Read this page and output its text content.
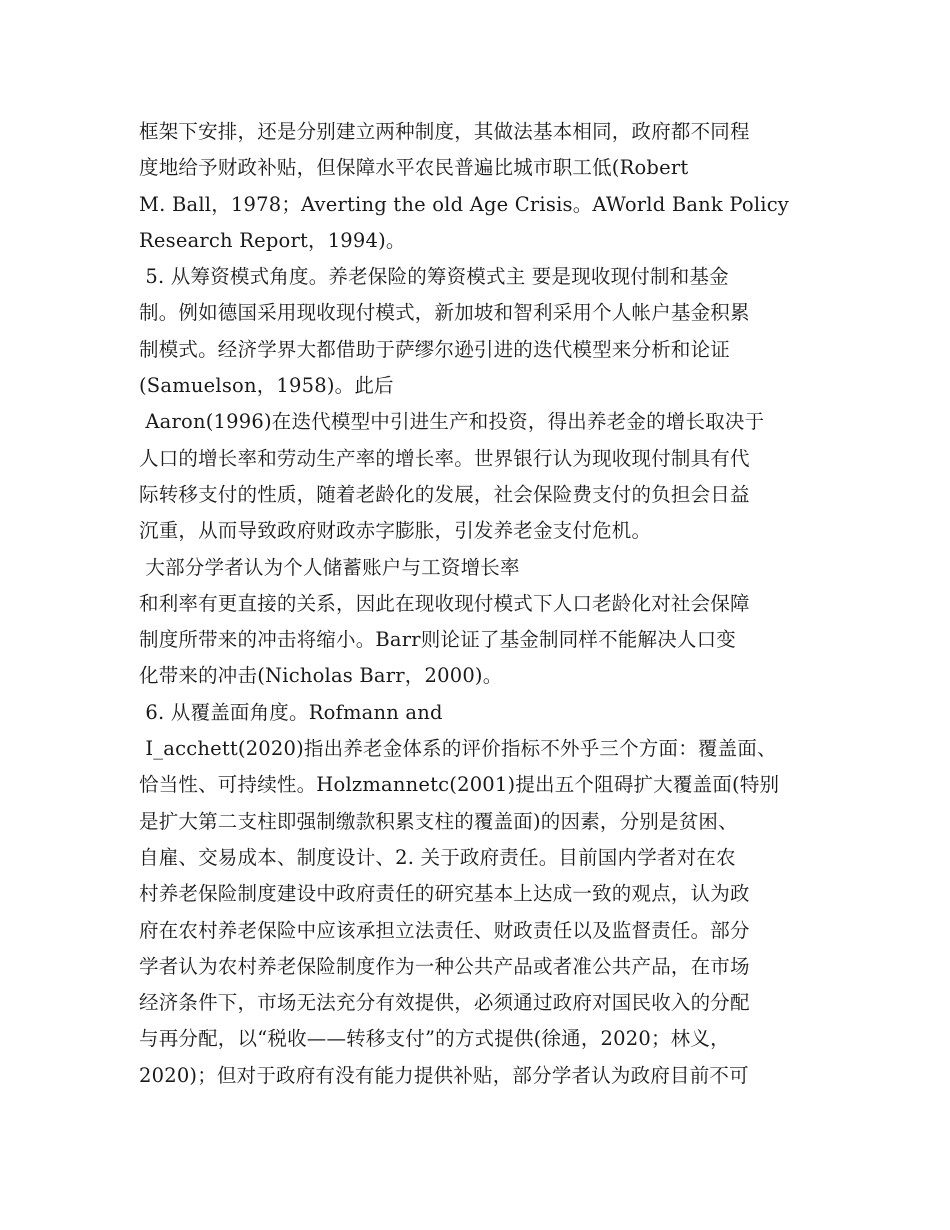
框架下安排，还是分别建立两种制度，其做法基本相同，政府都不同程
度地给予财政补贴，但保障水平农民普遍比城市职工低(Robert
M. Ball，1978；Averting the old Age Crisis。AWorld Bank Policy
Research Report，1994)。
5. 从筹资模式角度。养老保险的筹资模式主 要是现收现付制和基金
制。例如德国采用现收现付模式，新加坡和智利采用个人帐户基金积累
制模式。经济学界大都借助于萨缪尔逊引进的迭代模型来分析和论证
(Samuelson，1958)。此后
Aaron(1996)在迭代模型中引进生产和投资，得出养老金的增长取决于
人口的增长率和劳动生产率的增长率。世界银行认为现收现付制具有代
际转移支付的性质，随着老龄化的发展，社会保险费支付的负担会日益
沉重，从而导致政府财政赤字膨胀，引发养老金支付危机。
大部分学者认为个人储蓄账户与工资增长率
和利率有更直接的关系，因此在现收现付模式下人口老龄化对社会保障
制度所带来的冲击将缩小。Barr则论证了基金制同样不能解决人口变
化带来的冲击(Nicholas Barr，2000)。
6. 从覆盖面角度。Rofmann and
I_acchett(2020)指出养老金体系的评价指标不外乎三个方面：覆盖面、
恰当性、可持续性。Holzmannetc(2001)提出五个阻碍扩大覆盖面(特别
是扩大第二支柱即强制缴款积累支柱的覆盖面)的因素，分别是贫困、
自雇、交易成本、制度设计、2. 关于政府责任。目前国内学者对在农
村养老保险制度建设中政府责任的研究基本上达成一致的观点，认为政
府在农村养老保险中应该承担立法责任、财政责任以及监督责任。部分
学者认为农村养老保险制度作为一种公共产品或者准公共产品，在市场
经济条件下，市场无法充分有效提供，必须通过政府对国民收入的分配
与再分配，以“税收——转移支付”的方式提供(徐通，2020；林义，
2020)；但对于政府有没有能力提供补贴，部分学者认为政府目前不可
